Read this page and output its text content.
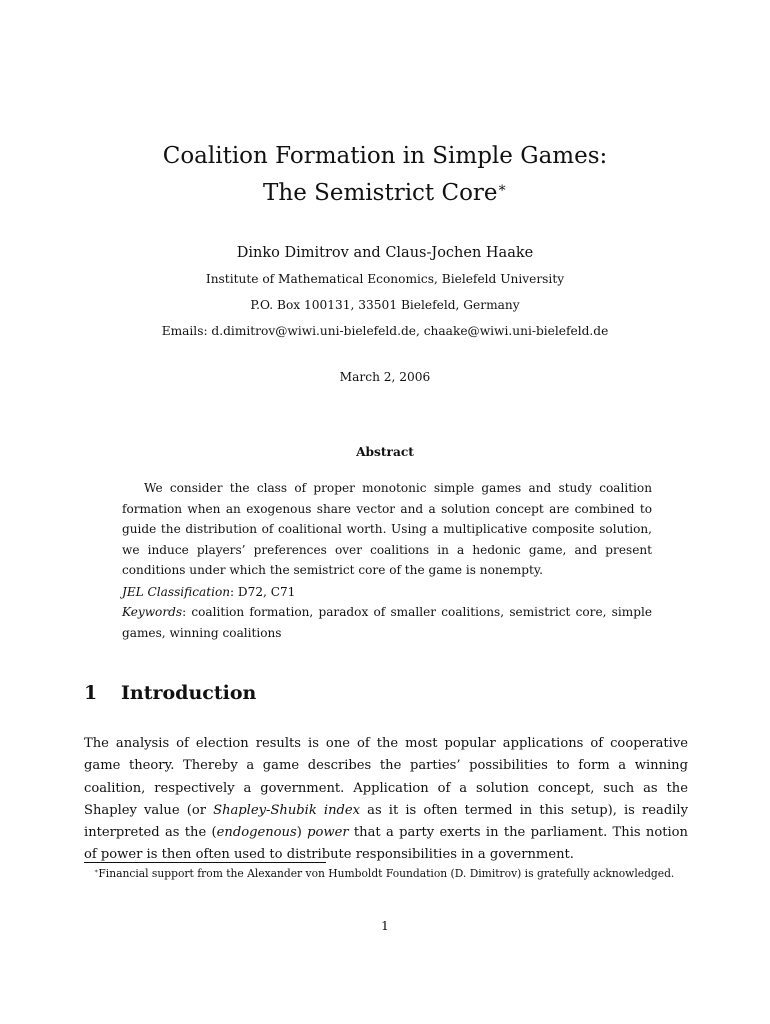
Coalition Formation in Simple Games:
The Semistrict Core∗
Dinko Dimitrov and Claus-Jochen Haake
Institute of Mathematical Economics, Bielefeld University
P.O. Box 100131, 33501 Bielefeld, Germany
Emails: d.dimitrov@wiwi.uni-bielefeld.de, chaake@wiwi.uni-bielefeld.de
March 2, 2006
Abstract

We consider the class of proper monotonic simple games and study coalition formation when an exogenous share vector and a solution concept are combined to guide the distribution of coalitional worth. Using a multiplicative composite solution, we induce players’ preferences over coalitions in a hedonic game, and present conditions under which the semistrict core of the game is nonempty.

JEL Classification: D72, C71

Keywords: coalition formation, paradox of smaller coalitions, semistrict core, simple games, winning coalitions

1 Introduction

The analysis of election results is one of the most popular applications of cooperative game theory. Thereby a game describes the parties’ possibilities to form a winning coalition, respectively a government. Application of a solution concept, such as the Shapley value (or Shapley-Shubik index as it is often termed in this setup), is readily interpreted as the (endogenous) power that a party exerts in the parliament. This notion of power is then often used to distribute responsibilities in a government.

∗Financial support from the Alexander von Humboldt Foundation (D. Dimitrov) is gratefully acknowledged.

1
